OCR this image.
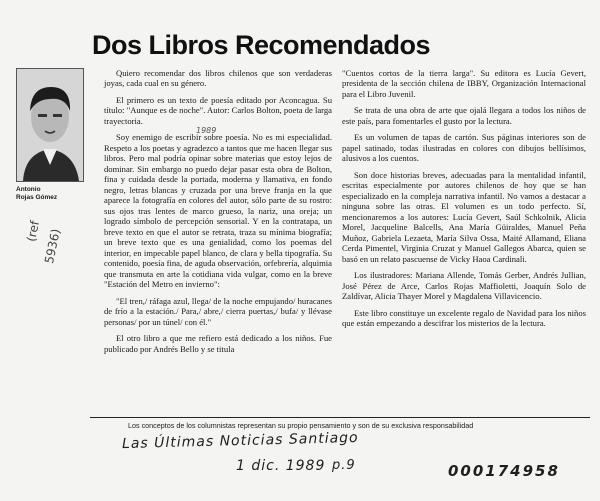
Dos Libros Recomendados
Antonio
Rojas Gómez
(ref 5936)

Quiero recomendar dos libros chilenos que son verdaderas joyas, cada cual en su género.

El primero es un texto de poesía editado por Aconcagua. Su título: "Aunque es de noche". Autor: Carlos Bolton, poeta de larga trayectoria.

Soy enemigo de escribir sobre poesía. No es mi especialidad. Respeto a los poetas y agradezco a tantos que me hacen llegar sus libros. Pero mal podría opinar sobre materias que estoy lejos de dominar. Sin embargo no puedo dejar pasar esta obra de Bolton, fina y cuidada desde la portada, moderna y llamativa, en fondo negro, letras blancas y cruzada por una breve franja en la que aparece la fotografía en colores del autor, sólo parte de su rostro: sus ojos tras lentes de marco grueso, la nariz, una oreja; un logrado símbolo de percepción sensorial. Y en la contratapa, un breve texto en que el autor se retrata, traza su mínima biografía; un breve texto que es una genialidad, como los poemas del interior, en impecable papel blanco, de clara y bella tipografía. Su contenido, poesía fina, de aguda observación, orfebrería, alquimia que transmuta en arte la cotidiana vida vulgar, como en la breve "Estación del Metro en invierno":

"El tren,/ ráfaga azul, llega/ de la noche empujando/ huracanes de frío a la estación./ Para,/ abre,/ cierra puertas,/ bufa/ y llévase personas/ por un túnel/ con él."

El otro libro a que me refiero está dedicado a los niños. Fue publicado por Andrés Bello y se titula

1989

"Cuentos cortos de la tierra larga". Su editora es Lucía Gevert, presidenta de la sección chilena de IBBY, Organización Internacional para el Libro Juvenil.

Se trata de una obra de arte que ojalá llegara a todos los niños de este país, para fomentarles el gusto por la lectura.

Es un volumen de tapas de cartón. Sus páginas interiores son de papel satinado, todas ilustradas en colores con dibujos bellísimos, alusivos a los cuentos.

Son doce historias breves, adecuadas para la mentalidad infantil, escritas especialmente por autores chilenos de hoy que se han especializado en la compleja narrativa infantil. No vamos a destacar a ninguna sobre las otras. El volumen es un todo perfecto. Sí, mencionaremos a los autores: Lucía Gevert, Saúl Schkolnik, Alicia Morel, Jacqueline Balcells, Ana María Güiraldes, Manuel Peña Muñoz, Gabriela Lezaeta, María Silva Ossa, Maité Allamand, Eliana Cerda Pimentel, Virginia Cruzat y Manuel Gallegos Abarca, quien se basó en un relato pascuense de Vicky Haoa Cardinali.

Los ilustradores: Mariana Allende, Tomás Gerber, Andrés Jullian, José Pérez de Arce, Carlos Rojas Maffioletti, Joaquín Solo de Zaldívar, Alicia Thayer Morel y Magdalena Villavicencio.

Este libro constituye un excelente regalo de Navidad para los niños que están empezando a descifrar los misterios de la lectura.

Los conceptos de los columnistas representan su propio pensamiento y son de su exclusiva responsabilidad
Las Últimas Noticias Santiago
1 dic. 1989 p.9	000174958
